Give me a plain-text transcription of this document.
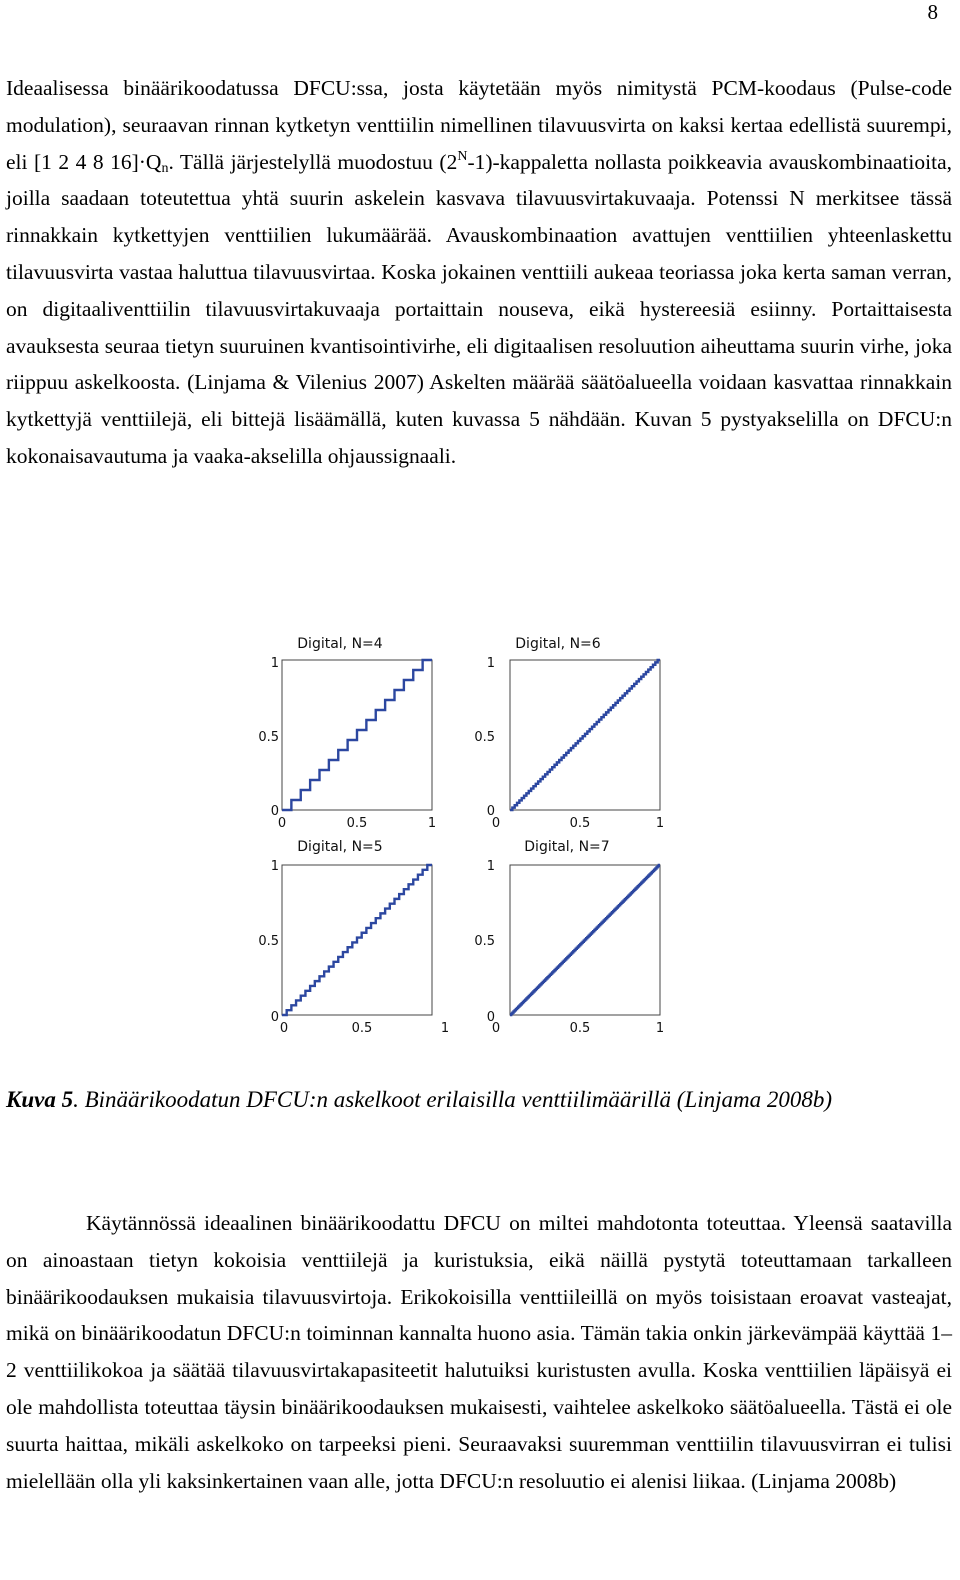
8

Ideaalisessa binäärikoodatussa DFCU:ssa, josta käytetään myös nimitystä PCM-koodaus (Pulse-code modulation), seuraavan rinnan kytketyn venttiilin nimellinen tilavuusvirta on kaksi kertaa edellistä suurempi, eli [1 2 4 8 $16]\cdot Q_n$. Tällä järjestelyllä muodostuu $(2^N-1)$-kappaletta nollasta poikkeavia avauskombinaatioita, joilla saadaan toteutettua yhtä suurin askelein kasvava tilavuusvirtakuvaaja. Potenssi N merkitsee tässä rinnakkain kytkettyjen venttiilien lukumäärää. Avauskombinaation avattujen venttiilien yhteenlaskettu tilavuusvirta vastaa haluttua tilavuusvirtaa. Koska jokainen venttiili aukeaa teoriassa joka kerta saman verran, on digitaaliventtiilin tilavuusvirtakuvaaja portaittain nouseva, eikä hystereesiä esiinny. Portaittaisesta avauksesta seuraa tietyn suuruinen kvantisointivirhe, eli digitaalisen resoluution aiheuttama suurin virhe, joka riippuu askelkoosta. (Linjama & Vilenius 2007) Askelten määrää säätöalueella voidaan kasvattaa rinnakkain kytkettyjä venttiilejä, eli bittejä lisäämällä, kuten kuvassa 5 nähdään. Kuvan 5 pystyakselilla on DFCU:n kokonaisavautuma ja vaaka-akselilla ohjaussignaali.

Digital, N=4
1
0.5
0
0	0.5	1
Digital, N=6
1
0.5
0
0	0.5	1
Digital, N=5
1
0.5
0
0	0.5	1
Digital, N=7
1
0.5
0
0	0.5	1

Kuva 5. Binäärikoodatun DFCU:n askelkoot erilaisilla venttiilimäärillä (Linjama 2008b)

Käytännössä ideaalinen binäärikoodattu DFCU on miltei mahdotonta toteuttaa. Yleensä saatavilla on ainoastaan tietyn kokoisia venttiilejä ja kuristuksia, eikä näillä pystytä toteuttamaan tarkalleen binäärikoodauksen mukaisia tilavuusvirtoja. Erikokoisilla venttiileillä on myös toisistaan eroavat vasteajat, mikä on binäärikoodatun DFCU:n toiminnan kannalta huono asia. Tämän takia onkin järkevämpää käyttää 1–2 venttiilikokoa ja säätää tilavuusvirtakapasiteetit halutuiksi kuristusten avulla. Koska venttiilien läpäisyä ei ole mahdollista toteuttaa täysin binäärikoodauksen mukaisesti, vaihtelee askelkoko säätöalueella. Tästä ei ole suurta haittaa, mikäli askelkoko on tarpeeksi pieni. Seuraavaksi suuremman venttiilin tilavuusvirran ei tulisi mielellään olla yli kaksinkertainen vaan alle, jotta DFCU:n resoluutio ei alenisi liikaa. (Linjama 2008b)
